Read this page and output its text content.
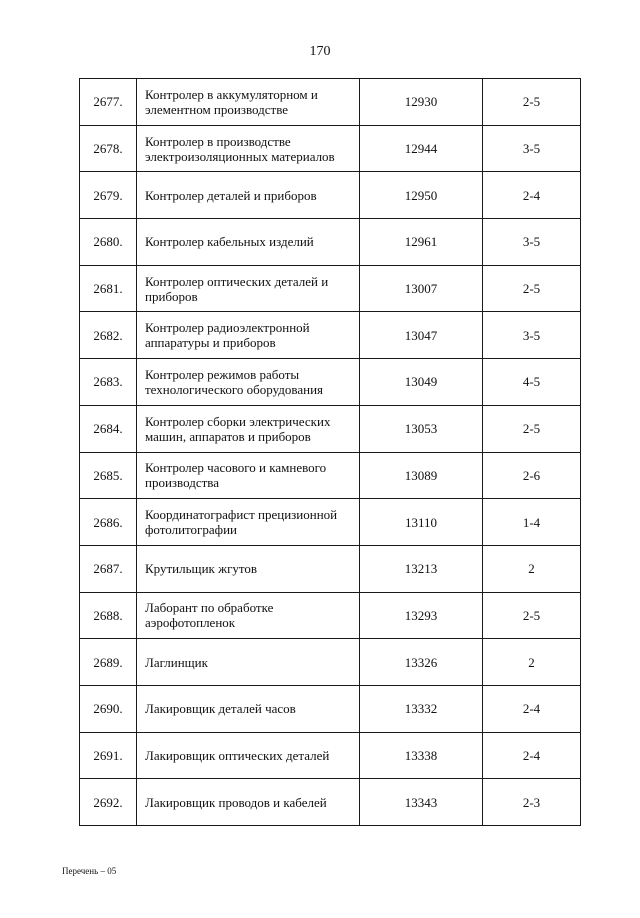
170
2677.	Контролер в аккумуляторном и элементном производстве	12930	2-5
2678.	Контролер в производстве электроизоляционных материалов	12944	3-5
2679.	Контролер деталей и приборов	12950	2-4
2680.	Контролер кабельных изделий	12961	3-5
2681.	Контролер оптических деталей и приборов	13007	2-5
2682.	Контролер радиоэлектронной аппаратуры и приборов	13047	3-5
2683.	Контролер режимов работы технологического оборудования	13049	4-5
2684.	Контролер сборки электрических машин, аппаратов и приборов	13053	2-5
2685.	Контролер часового и камневого производства	13089	2-6
2686.	Координатографист прецизионной фотолитографии	13110	1-4
2687.	Крутильщик жгутов	13213	2
2688.	Лаборант по обработке аэрофотопленок	13293	2-5
2689.	Лаглинщик	13326	2
2690.	Лакировщик деталей часов	13332	2-4
2691.	Лакировщик оптических деталей	13338	2-4
2692.	Лакировщик проводов и кабелей	13343	2-3
Перечень – 05
